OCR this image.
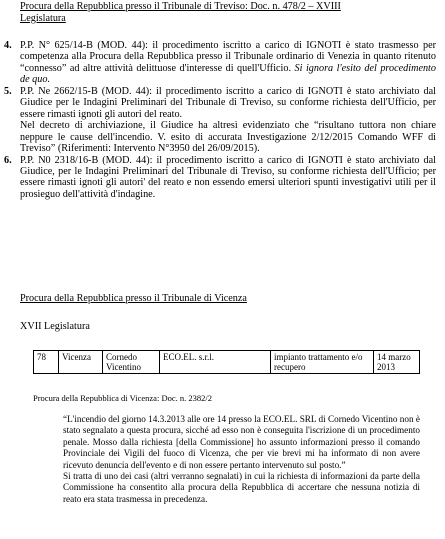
Procura della Repubblica presso il Tribunale di Treviso: Doc. n. 478/2 – XVIII
Legislatura
4. P.P. N° 625/14-B (MOD. 44): il procedimento iscritto a carico di IGNOTI è stato trasmesso per competenza alla Procura della Repubblica presso il Tribunale ordinario di Venezia in quanto ritenuto “connesso” ad altre attività delittuose d'interesse di quell'Ufficio. Si ignora l'esito del procedimento de quo.
5. P.P. Ne 2662/15-B (MOD. 44): il procedimento iscritto a carico di IGNOTI è stato archiviato dal Giudice per le Indagini Preliminari del Tribunale di Treviso, su conforme richiesta dell'Ufficio, per essere rimasti ignoti gli autori del reato.
Nel decreto di archiviazione, il Giudice ha altresì evidenziato che “risultano tuttora non chiare neppure le cause dell'incendio. V. esito di accurata Investigazione 2/12/2015 Comando WFF di Treviso” (Riferimenti: Intervento N°3950 del 26/09/2015).
6. P.P. N0 2318/16-B (MOD. 44): il procedimento iscritto a carico di IGNOTI è stato archiviato dal Giudice, per le Indagini Preliminari del Tribunale di Treviso, su conforme richiesta dell'Ufficio; per essere rimasti ignoti gli autori' del reato e non essendo emersi ulteriori spunti investigativi utili per il prosieguo dell'attività d'indagine.
Procura della Repubblica presso il Tribunale di Vicenza
XVII Legislatura
78	Vicenza	Cornedo Vicentino	ECO.EL. s.r.l.	impianto trattamento e/o recupero	14 marzo 2013
Procura della Repubblica di Vicenza: Doc. n. 2382/2

“L'incendio del giorno 14.3.2013 alle ore 14 presso la ECO.EL. SRL di Cornedo Vicentino non è stato segnalato a questa procura, sicché ad esso non è conseguita l'iscrizione di un procedimento penale. Mosso dalla richiesta [della Commissione] ho assunto informazioni presso il comando Provinciale dei Vigili del fuoco di Vicenza, che per vie brevi mi ha informato di non avere ricevuto denuncia dell'evento e di non essere pertanto intervenuto sul posto.”

Si tratta di uno dei casi (altri verranno segnalati) in cui la richiesta di informazioni da parte della Commissione ha consentito alla procura della Repubblica di accertare che nessuna notizia di reato era stata trasmessa in precedenza.
